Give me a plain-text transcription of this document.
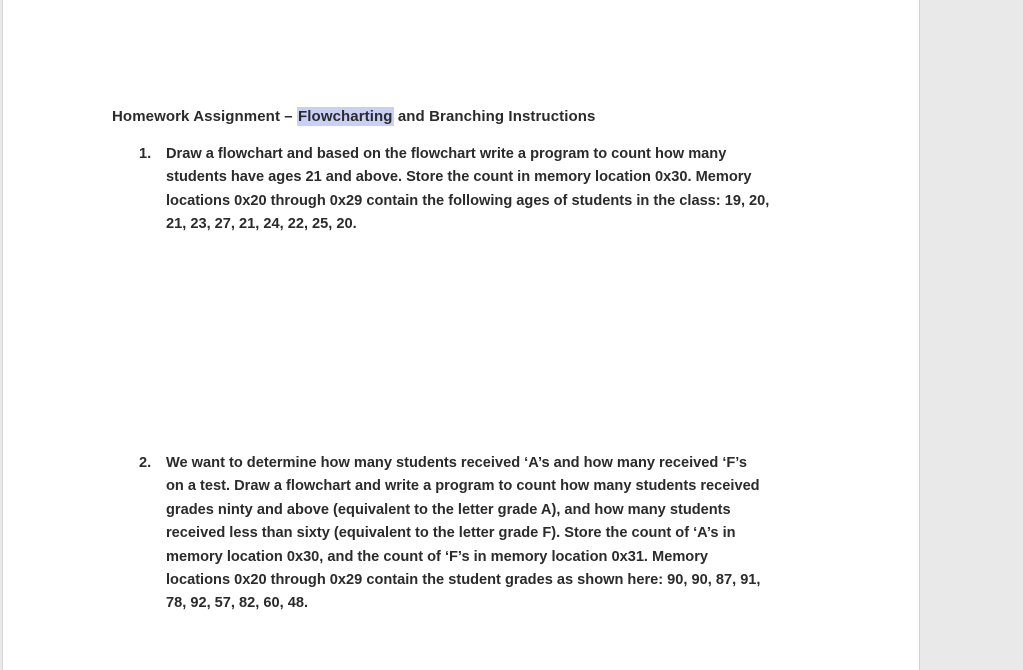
Homework Assignment – Flowcharting and Branching Instructions
1. Draw a flowchart and based on the flowchart write a program to count how many
students have ages 21 and above. Store the count in memory location 0x30. Memory
locations 0x20 through 0x29 contain the following ages of students in the class: 19, 20,
21, 23, 27, 21, 24, 22, 25, 20.
2. We want to determine how many students received ‘A’s and how many received ‘F’s
on a test. Draw a flowchart and write a program to count how many students received
grades ninty and above (equivalent to the letter grade A), and how many students
received less than sixty (equivalent to the letter grade F). Store the count of ‘A’s in
memory location 0x30, and the count of ‘F’s in memory location 0x31. Memory
locations 0x20 through 0x29 contain the student grades as shown here: 90, 90, 87, 91,
78, 92, 57, 82, 60, 48.
